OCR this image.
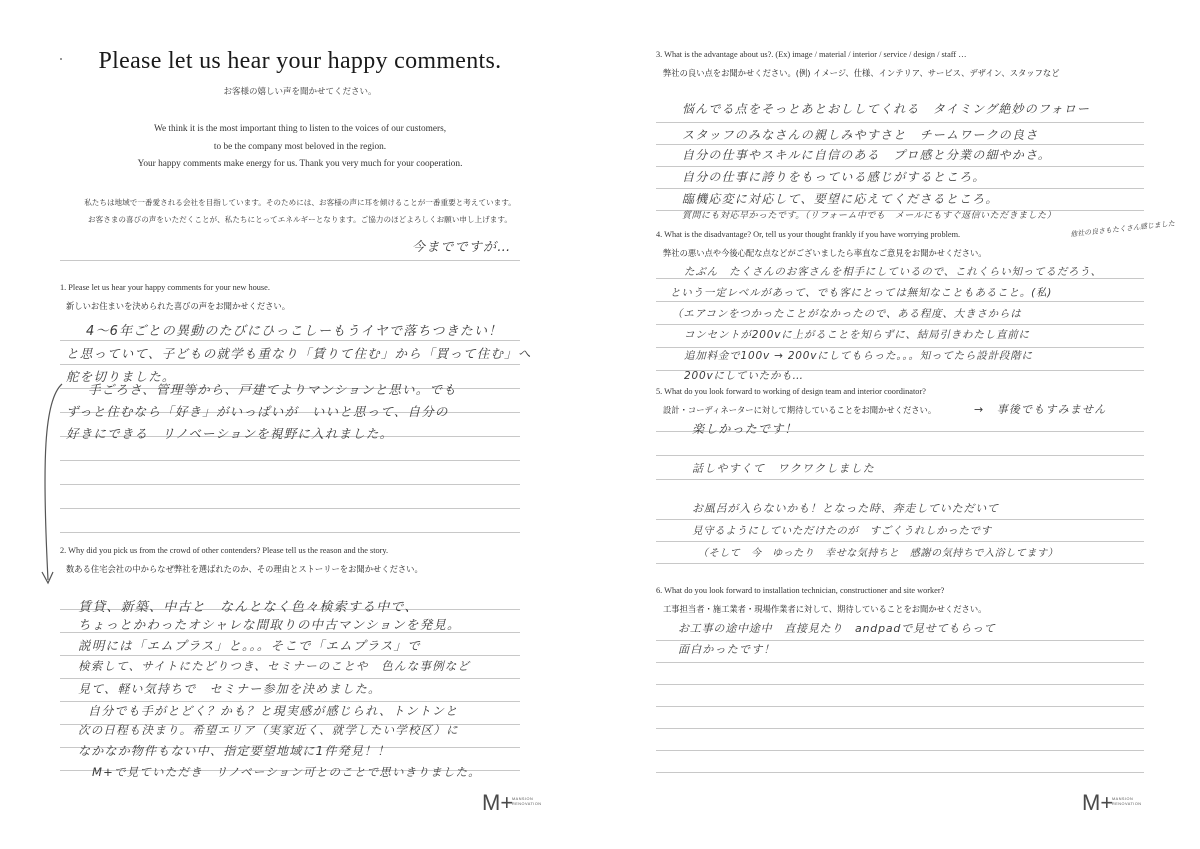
Please let us hear your happy comments.
お客様の嬉しい声を聞かせてください。
We think it is the most important thing to listen to the voices of our customers,
to be the company most beloved in the region.
Your happy comments make energy for us. Thank you very much for your cooperation.
私たちは地域で一番愛される会社を目指しています。そのためには、お客様の声に耳を傾けることが一番重要と考えています。
お客さまの喜びの声をいただくことが、私たちにとってエネルギーとなります。ご協力のほどよろしくお願い申し上げます。
今までですが…
1. Please let us hear your happy comments for your new house.
新しいお住まいを決められた喜びの声をお聞かせください。
4〜6年ごとの異動のたびにひっこしーもうイヤで落ちつきたい！
と思っていて、子どもの就学も重なり「賃りて住む」から「買って住む」へ
舵を切りました。
手ごろさ、管理等から、戸建てよりマンションと思い。でも
ずっと住むなら「好き」がいっぱいが　いいと思って、自分の
好きにできる　リノベーションを視野に入れました。
2. Why did you pick us from the crowd of other contenders? Please tell us the reason and the story.
数ある住宅会社の中からなぜ弊社を選ばれたのか、その理由とストーリーをお聞かせください。
賃貸、新築、中古と　なんとなく色々検索する中で、
ちょっとかわったオシャレな間取りの中古マンションを発見。
説明には「エムプラス」と。。。そこで「エムプラス」で
検索して、サイトにたどりつき、セミナーのことや　色んな事例など
見て、軽い気持ちで　セミナー参加を決めました。
自分でも手がとどく？かも？と現実感が感じられ、トントンと
次の日程も決まり。希望エリア（実家近く、就学したい学校区）に
なかなか物件もない中、指定要望地域に1件発見！！
M+で見ていただき　リノベーション可とのことで思いきりました。
M+
MANSION
RENOVATION
3. What is the advantage about us?. (Ex) image / material / interior / service / design / staff …
弊社の良い点をお聞かせください。(例) イメージ、仕様、インテリア、サービス、デザイン、スタッフなど
悩んでる点をそっとあとおししてくれる　タイミング絶妙のフォロー
スタッフのみなさんの親しみやすさと　チームワークの良さ
自分の仕事やスキルに自信のある　プロ感と分業の細やかさ。
自分の仕事に誇りをもっている感じがするところ。
臨機応変に対応して、要望に応えてくださるところ。
質問にも対応早かったです。（リフォーム中でも　メールにもすぐ返信いただきました）
他社の良さもたくさん感じました
4. What is the disadvantage? Or, tell us your thought frankly if you have worrying problem.
弊社の悪い点や今後心配な点などがございましたら率直なご意見をお聞かせください。
たぶん　たくさんのお客さんを相手にしているので、これくらい知ってるだろう、
という一定レベルがあって、でも客にとっては無知なこともあること。(私)
（エアコンをつかったことがなかったので、ある程度、大きさからは
コンセントが200vに上がることを知らずに、結局引きわたし直前に
追加料金で100v → 200vにしてもらった。。。知ってたら設計段階に
200vにしていたかも…
5. What do you look forward to working of design team and interior coordinator?
設計・コーディネーターに対して期待していることをお聞かせください。	→　事後でもすみません
楽しかったです！
話しやすくて　ワクワクしました
お風呂が入らないかも！となった時、奔走していただいて
見守るようにしていただけたのが　すごくうれしかったです
（そして　今　ゆったり　幸せな気持ちと　感謝の気持ちで入浴してます）
6. What do you look forward to installation technician, constructioner and site worker?
工事担当者・施工業者・現場作業者に対して、期待していることをお聞かせください。
お工事の途中途中　直接見たり　andpadで見せてもらって
面白かったです！
M+
MANSION
RENOVATION
